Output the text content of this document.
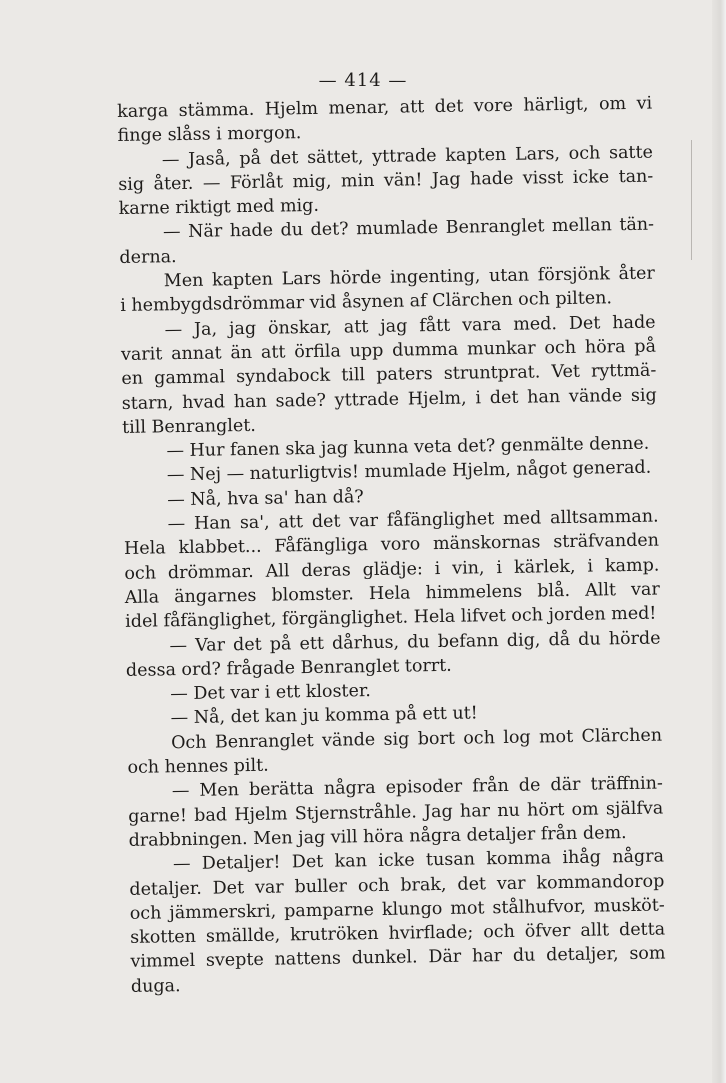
— 414 —
karga stämma. Hjelm menar, att det vore härligt, om vi
finge slåss i morgon.
— Jaså, på det sättet, yttrade kapten Lars, och satte
sig åter. — Förlåt mig, min vän! Jag hade visst icke tan-
karne riktigt med mig.
— När hade du det? mumlade Benranglet mellan tän-
derna.
Men kapten Lars hörde ingenting, utan försjönk åter
i hembygdsdrömmar vid åsynen af Clärchen och pilten.
— Ja, jag önskar, att jag fått vara med. Det hade
varit annat än att örfila upp dumma munkar och höra på
en gammal syndabock till paters struntprat. Vet ryttmä-
starn, hvad han sade? yttrade Hjelm, i det han vände sig
till Benranglet.
— Hur fanen ska jag kunna veta det? genmälte denne.
— Nej — naturligtvis! mumlade Hjelm, något generad.
— Nå, hva sa' han då?
— Han sa', att det var fåfänglighet med alltsamman.
Hela klabbet... Fåfängliga voro mänskornas sträfvanden
och drömmar. All deras glädje: i vin, i kärlek, i kamp.
Alla ängarnes blomster. Hela himmelens blå. Allt var
idel fåfänglighet, förgänglighet. Hela lifvet och jorden med!
— Var det på ett dårhus, du befann dig, då du hörde
dessa ord? frågade Benranglet torrt.
— Det var i ett kloster.
— Nå, det kan ju komma på ett ut!
Och Benranglet vände sig bort och log mot Clärchen
och hennes pilt.
— Men berätta några episoder från de där träffnin-
garne! bad Hjelm Stjernstråhle. Jag har nu hört om själfva
drabbningen. Men jag vill höra några detaljer från dem.
— Detaljer! Det kan icke tusan komma ihåg några
detaljer. Det var buller och brak, det var kommandorop
och jämmerskri, pamparne klungo mot stålhufvor, musköt-
skotten smällde, krutröken hvirflade; och öfver allt detta
vimmel svepte nattens dunkel. Där har du detaljer, som
duga.
